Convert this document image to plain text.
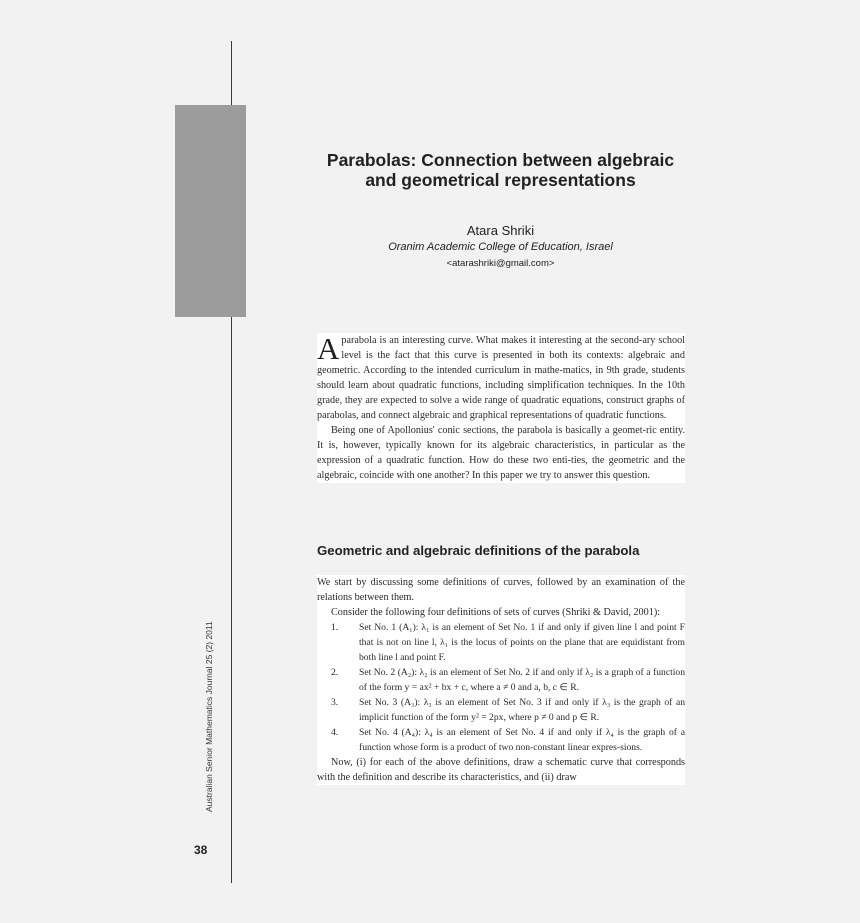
Australian Senior Mathematics Journal 25 (2) 2011
38
Parabolas: Connection between algebraic and geometrical representations
Atara Shriki
Oranim Academic College of Education, Israel
<atarashriki@gmail.com>

A parabola is an interesting curve. What makes it interesting at the second-ary school level is the fact that this curve is presented in both its contexts: algebraic and geometric. According to the intended curriculum in mathe-matics, in 9th grade, students should learn about quadratic functions, including simplification techniques. In the 10th grade, they are expected to solve a wide range of quadratic equations, construct graphs of parabolas, and connect algebraic and graphical representations of quadratic functions.

Being one of Apollonius' conic sections, the parabola is basically a geomet-ric entity. It is, however, typically known for its algebraic characteristics, in particular as the expression of a quadratic function. How do these two enti-ties, the geometric and the algebraic, coincide with one another? In this paper we try to answer this question.

Geometric and algebraic definitions of the parabola

We start by discussing some definitions of curves, followed by an examination of the relations between them.

Consider the following four definitions of sets of curves (Shriki & David, 2001):

1. Set No. 1 (A₁): λ₁ is an element of Set No. 1 if and only if given line l and point F that is not on line l, λ₁ is the locus of points on the plane that are equidistant from both line l and point F.
2. Set No. 2 (A₂): λ₂ is an element of Set No. 2 if and only if λ₂ is a graph of a function of the form y = ax² + bx + c, where a ≠ 0 and a, b, c ∈ R.
3. Set No. 3 (A₃): λ₃ is an element of Set No. 3 if and only if λ₃ is the graph of an implicit function of the form y² = 2px, where p ≠ 0 and p ∈ R.
4. Set No. 4 (A₄): λ₄ is an element of Set No. 4 if and only if λ₄ is the graph of a function whose form is a product of two non-constant linear expres-sions.

Now, (i) for each of the above definitions, draw a schematic curve that corresponds with the definition and describe its characteristics, and (ii) draw
